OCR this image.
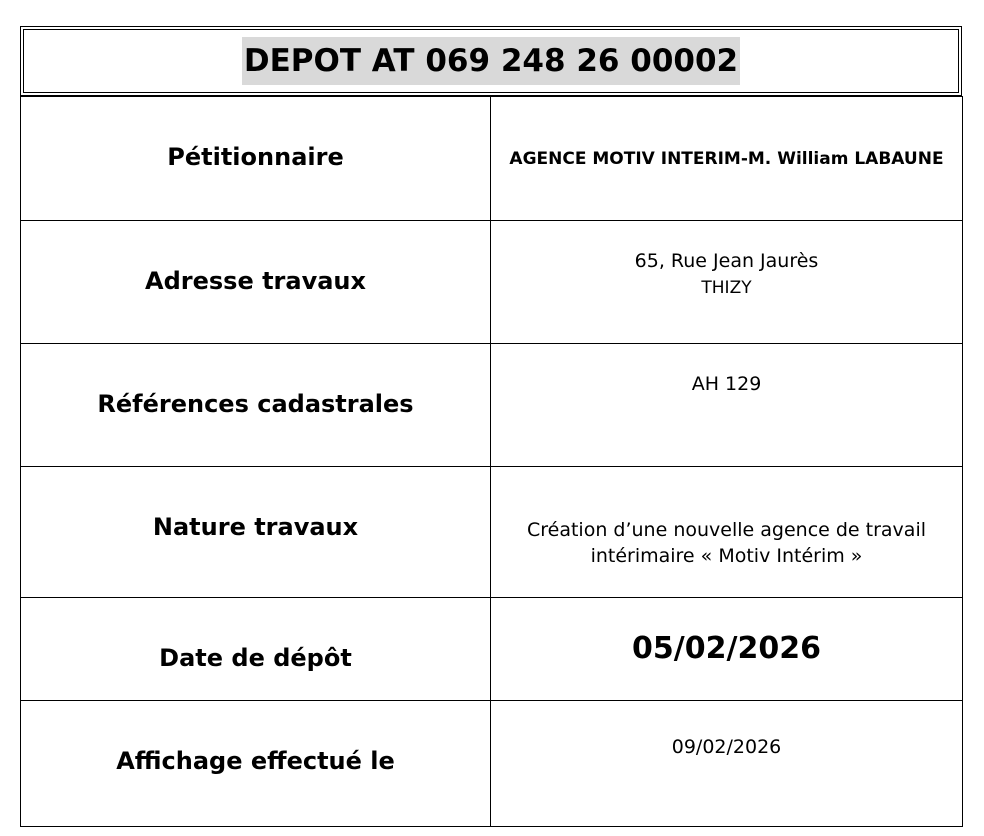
DEPOT AT 069 248 26 00002
Pétitionnaire	AGENCE MOTIV INTERIM-M. William LABAUNE

Adresse travaux	65, Rue Jean Jaurès
THIZY

Références cadastrales	AH 129

Nature travaux	Création d’une nouvelle agence de travail
intérimaire « Motiv Intérim »

Date de dépôt	05/02/2026

Affichage effectué le	09/02/2026
